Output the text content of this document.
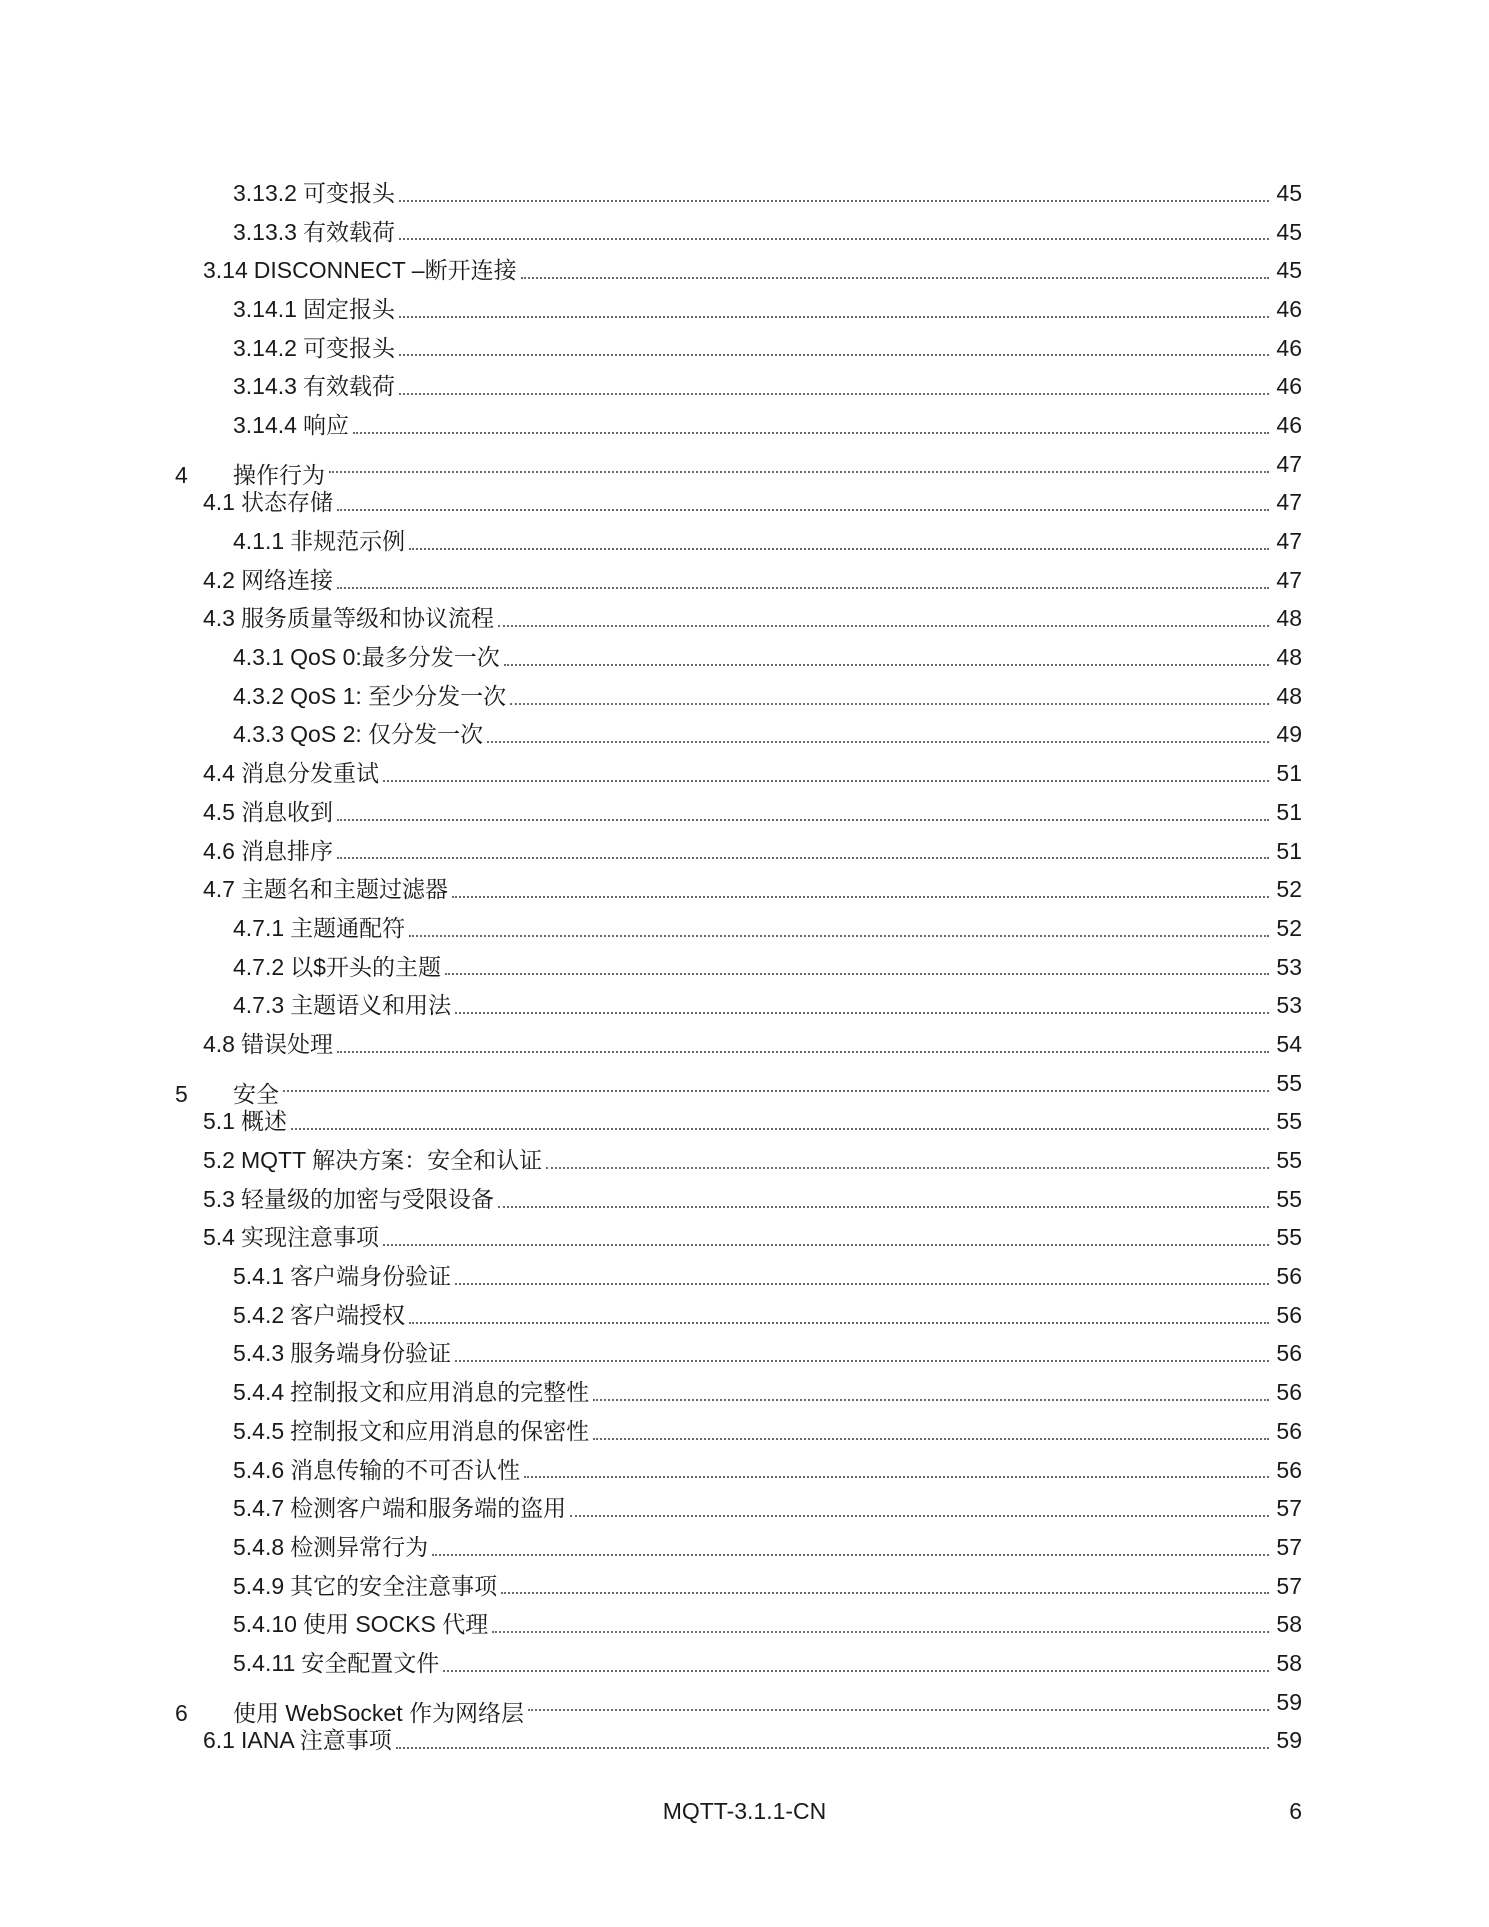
3.13.2 可变报头	45
3.13.3 有效载荷	45
3.14 DISCONNECT –断开连接	45
3.14.1 固定报头	46
3.14.2 可变报头	46
3.14.3 有效载荷	46
3.14.4 响应	46
4 操作行为	47
4.1 状态存储	47
4.1.1 非规范示例	47
4.2 网络连接	47
4.3 服务质量等级和协议流程	48
4.3.1 QoS 0:最多分发一次	48
4.3.2 QoS 1: 至少分发一次	48
4.3.3 QoS 2: 仅分发一次	49
4.4 消息分发重试	51
4.5 消息收到	51
4.6 消息排序	51
4.7 主题名和主题过滤器	52
4.7.1 主题通配符	52
4.7.2 以$开头的主题	53
4.7.3 主题语义和用法	53
4.8 错误处理	54
5 安全	55
5.1 概述	55
5.2 MQTT 解决方案：安全和认证	55
5.3 轻量级的加密与受限设备	55
5.4 实现注意事项	55
5.4.1 客户端身份验证	56
5.4.2 客户端授权	56
5.4.3 服务端身份验证	56
5.4.4 控制报文和应用消息的完整性	56
5.4.5 控制报文和应用消息的保密性	56
5.4.6 消息传输的不可否认性	56
5.4.7 检测客户端和服务端的盗用	57
5.4.8 检测异常行为	57
5.4.9 其它的安全注意事项	57
5.4.10 使用 SOCKS 代理	58
5.4.11 安全配置文件	58
6 使用 WebSocket 作为网络层	59
6.1 IANA 注意事项	59
MQTT-3.1.1-CN	6
